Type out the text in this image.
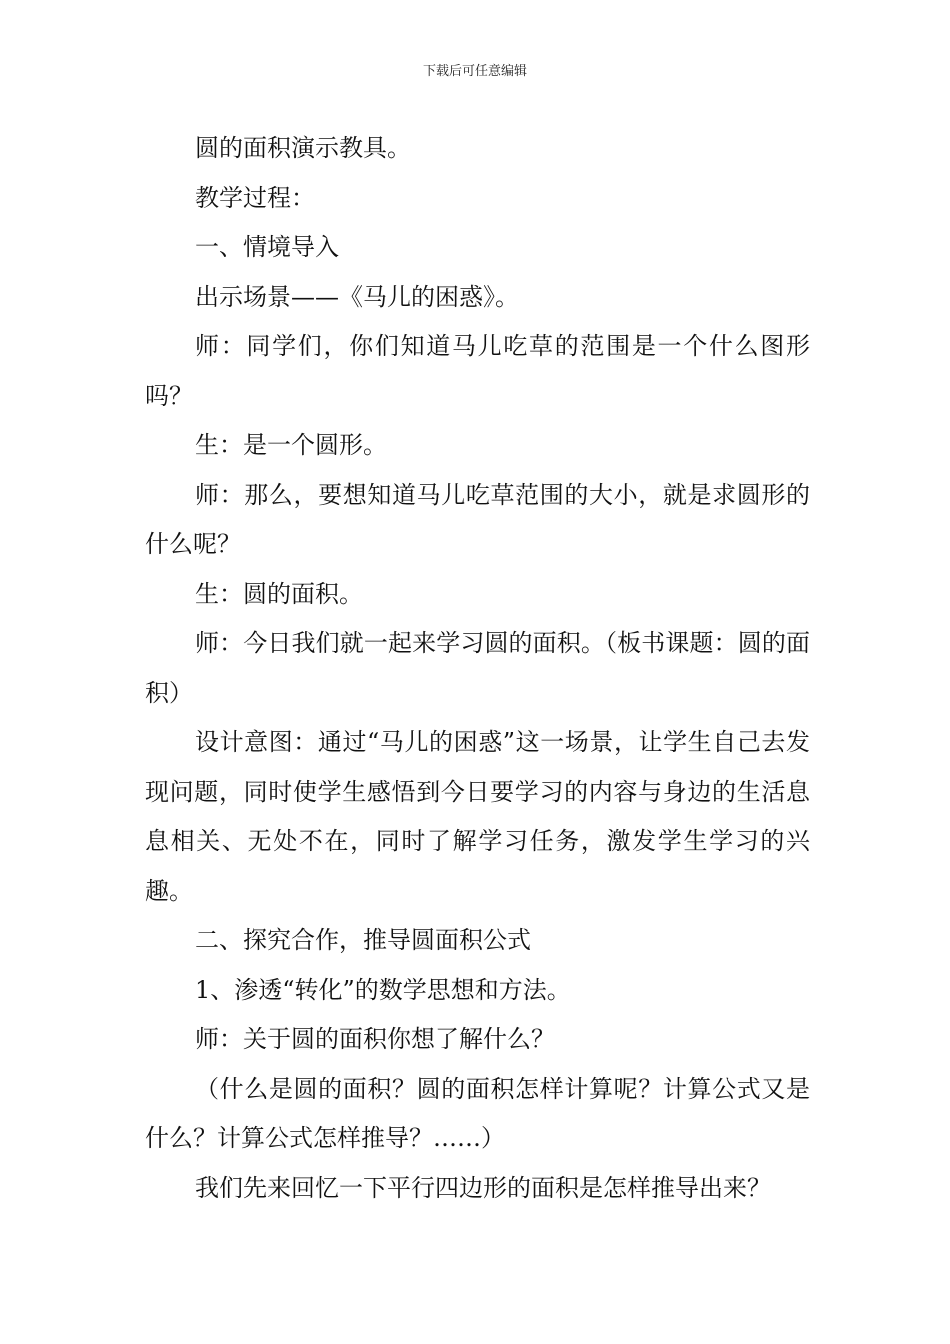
下载后可任意编辑

圆的面积演示教具。

教学过程：

一、情境导入

出示场景——《马儿的困惑》。

师：同学们，你们知道马儿吃草的范围是一个什么图形吗？

生：是一个圆形。

师：那么，要想知道马儿吃草范围的大小，就是求圆形的什么呢？

生：圆的面积。

师：今日我们就一起来学习圆的面积。（板书课题：圆的面积）

设计意图：通过“马儿的困惑”这一场景，让学生自己去发现问题，同时使学生感悟到今日要学习的内容与身边的生活息息相关、无处不在，同时了解学习任务，激发学生学习的兴趣。

二、探究合作，推导圆面积公式

1、渗透“转化”的数学思想和方法。

师：关于圆的面积你想了解什么？

（什么是圆的面积？圆的面积怎样计算呢？计算公式又是什么？计算公式怎样推导？……）

我们先来回忆一下平行四边形的面积是怎样推导出来？
